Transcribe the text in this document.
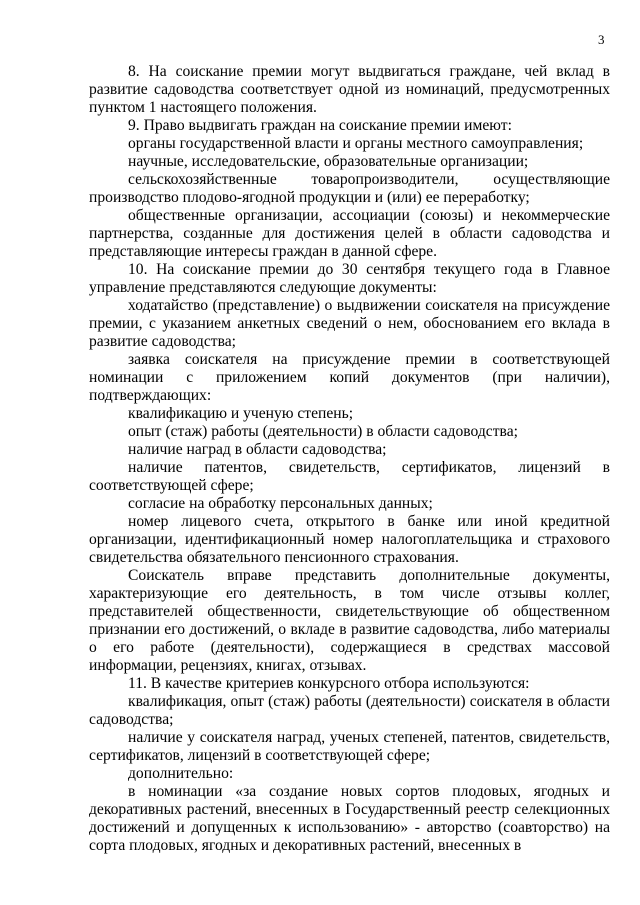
3

8. На соискание премии могут выдвигаться граждане, чей вклад в развитие садоводства соответствует одной из номинаций, предусмотренных пунктом 1 настоящего положения.

9. Право выдвигать граждан на соискание премии имеют:

органы государственной власти и органы местного самоуправления;

научные, исследовательские, образовательные организации;

сельскохозяйственные товаропроизводители, осуществляющие производство плодово-ягодной продукции и (или) ее переработку;

общественные организации, ассоциации (союзы) и некоммерческие партнерства, созданные для достижения целей в области садоводства и представляющие интересы граждан в данной сфере.

10. На соискание премии до 30 сентября текущего года в Главное управление представляются следующие документы:

ходатайство (представление) о выдвижении соискателя на присуждение премии, с указанием анкетных сведений о нем, обоснованием его вклада в развитие садоводства;

заявка соискателя на присуждение премии в соответствующей номинации с приложением копий документов (при наличии), подтверждающих:

квалификацию и ученую степень;

опыт (стаж) работы (деятельности) в области садоводства;

наличие наград в области садоводства;

наличие патентов, свидетельств, сертификатов, лицензий в соответствующей сфере;

согласие на обработку персональных данных;

номер лицевого счета, открытого в банке или иной кредитной организации, идентификационный номер налогоплательщика и страхового свидетельства обязательного пенсионного страхования.

Соискатель вправе представить дополнительные документы, характеризующие его деятельность, в том числе отзывы коллег, представителей общественности, свидетельствующие об общественном признании его достижений, о вкладе в развитие садоводства, либо материалы о его работе (деятельности), содержащиеся в средствах массовой информации, рецензиях, книгах, отзывах.

11. В качестве критериев конкурсного отбора используются:

квалификация, опыт (стаж) работы (деятельности) соискателя в области садоводства;

наличие у соискателя наград, ученых степеней, патентов, свидетельств, сертификатов, лицензий в соответствующей сфере;

дополнительно:

в номинации «за создание новых сортов плодовых, ягодных и декоративных растений, внесенных в Государственный реестр селекционных достижений и допущенных к использованию» - авторство (соавторство) на сорта плодовых, ягодных и декоративных растений, внесенных в
